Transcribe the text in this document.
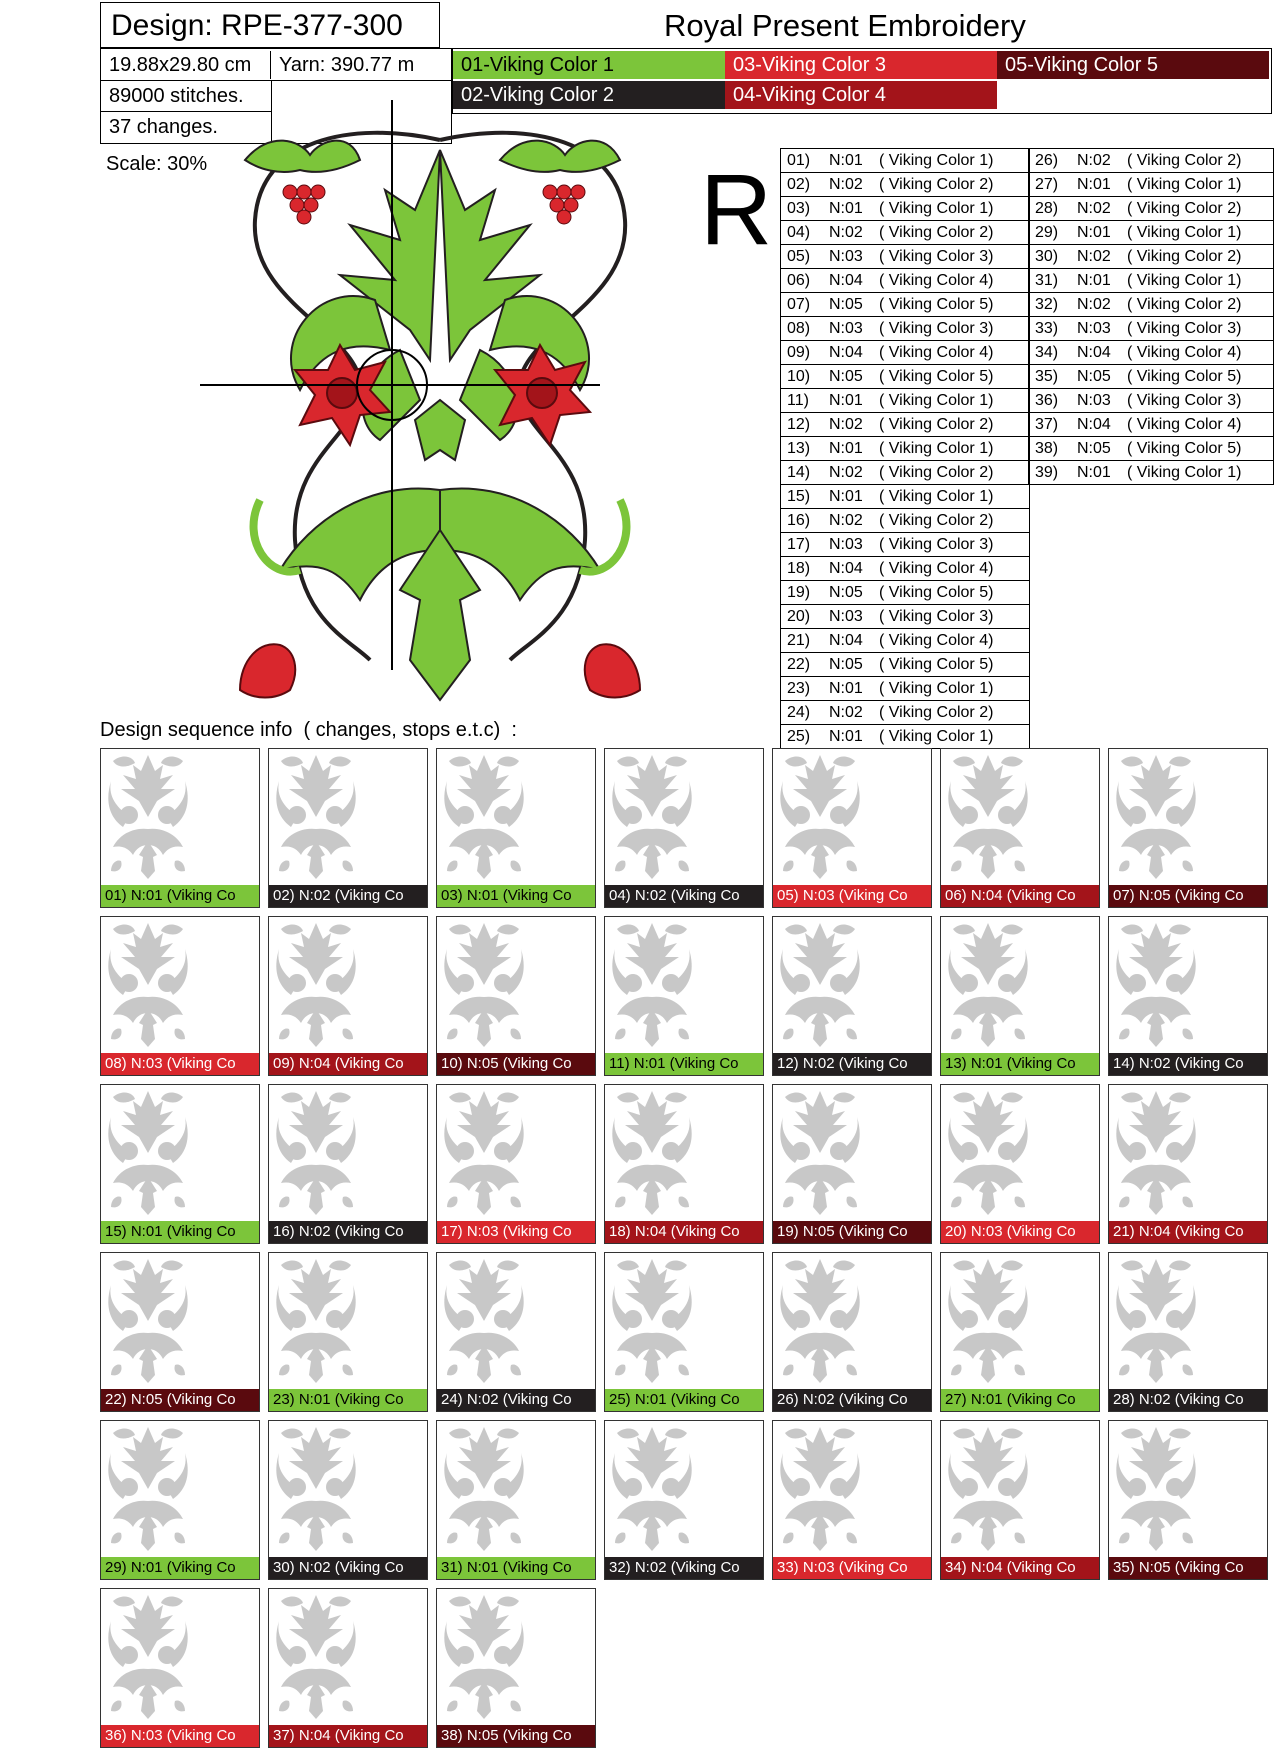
Design: RPE-377-300	Royal Present Embroidery
19.88x29.80 cm	Yarn: 390.77 m
89000 stitches.
37 changes.
Scale: 30%
01-Viking Color 1	03-Viking Color 3	05-Viking Color 5
02-Viking Color 2	04-Viking Color 4
R 01) N:01 ( Viking Color 1)
02) N:02 ( Viking Color 2)
03) N:01 ( Viking Color 1)
04) N:02 ( Viking Color 2)
05) N:03 ( Viking Color 3)
06) N:04 ( Viking Color 4)
07) N:05 ( Viking Color 5)
08) N:03 ( Viking Color 3)
09) N:04 ( Viking Color 4)
10) N:05 ( Viking Color 5)
11) N:01 ( Viking Color 1)
12) N:02 ( Viking Color 2)
13) N:01 ( Viking Color 1)
14) N:02 ( Viking Color 2)
15) N:01 ( Viking Color 1)
16) N:02 ( Viking Color 2)
17) N:03 ( Viking Color 3)
18) N:04 ( Viking Color 4)
19) N:05 ( Viking Color 5)
20) N:03 ( Viking Color 3)
21) N:04 ( Viking Color 4)
22) N:05 ( Viking Color 5)
23) N:01 ( Viking Color 1)
24) N:02 ( Viking Color 2)
25) N:01 ( Viking Color 1)
26) N:02 ( Viking Color 2)
27) N:01 ( Viking Color 1)
28) N:02 ( Viking Color 2)
29) N:01 ( Viking Color 1)
30) N:02 ( Viking Color 2)
31) N:01 ( Viking Color 1)
32) N:02 ( Viking Color 2)
33) N:03 ( Viking Color 3)
34) N:04 ( Viking Color 4)
35) N:05 ( Viking Color 5)
36) N:03 ( Viking Color 3)
37) N:04 ( Viking Color 4)
38) N:05 ( Viking Color 5)
39) N:01 ( Viking Color 1)
Design sequence info  ( changes, stops e.t.c)  :
01) N:01 (Viking Co	02) N:02 (Viking Co	03) N:01 (Viking Co	04) N:02 (Viking Co	05) N:03 (Viking Co	06) N:04 (Viking Co	07) N:05 (Viking Co
08) N:03 (Viking Co	09) N:04 (Viking Co	10) N:05 (Viking Co	11) N:01 (Viking Co	12) N:02 (Viking Co	13) N:01 (Viking Co	14) N:02 (Viking Co
15) N:01 (Viking Co	16) N:02 (Viking Co	17) N:03 (Viking Co	18) N:04 (Viking Co	19) N:05 (Viking Co	20) N:03 (Viking Co	21) N:04 (Viking Co
22) N:05 (Viking Co	23) N:01 (Viking Co	24) N:02 (Viking Co	25) N:01 (Viking Co	26) N:02 (Viking Co	27) N:01 (Viking Co	28) N:02 (Viking Co
29) N:01 (Viking Co	30) N:02 (Viking Co	31) N:01 (Viking Co	32) N:02 (Viking Co	33) N:03 (Viking Co	34) N:04 (Viking Co	35) N:05 (Viking Co
36) N:03 (Viking Co	37) N:04 (Viking Co	38) N:05 (Viking Co
